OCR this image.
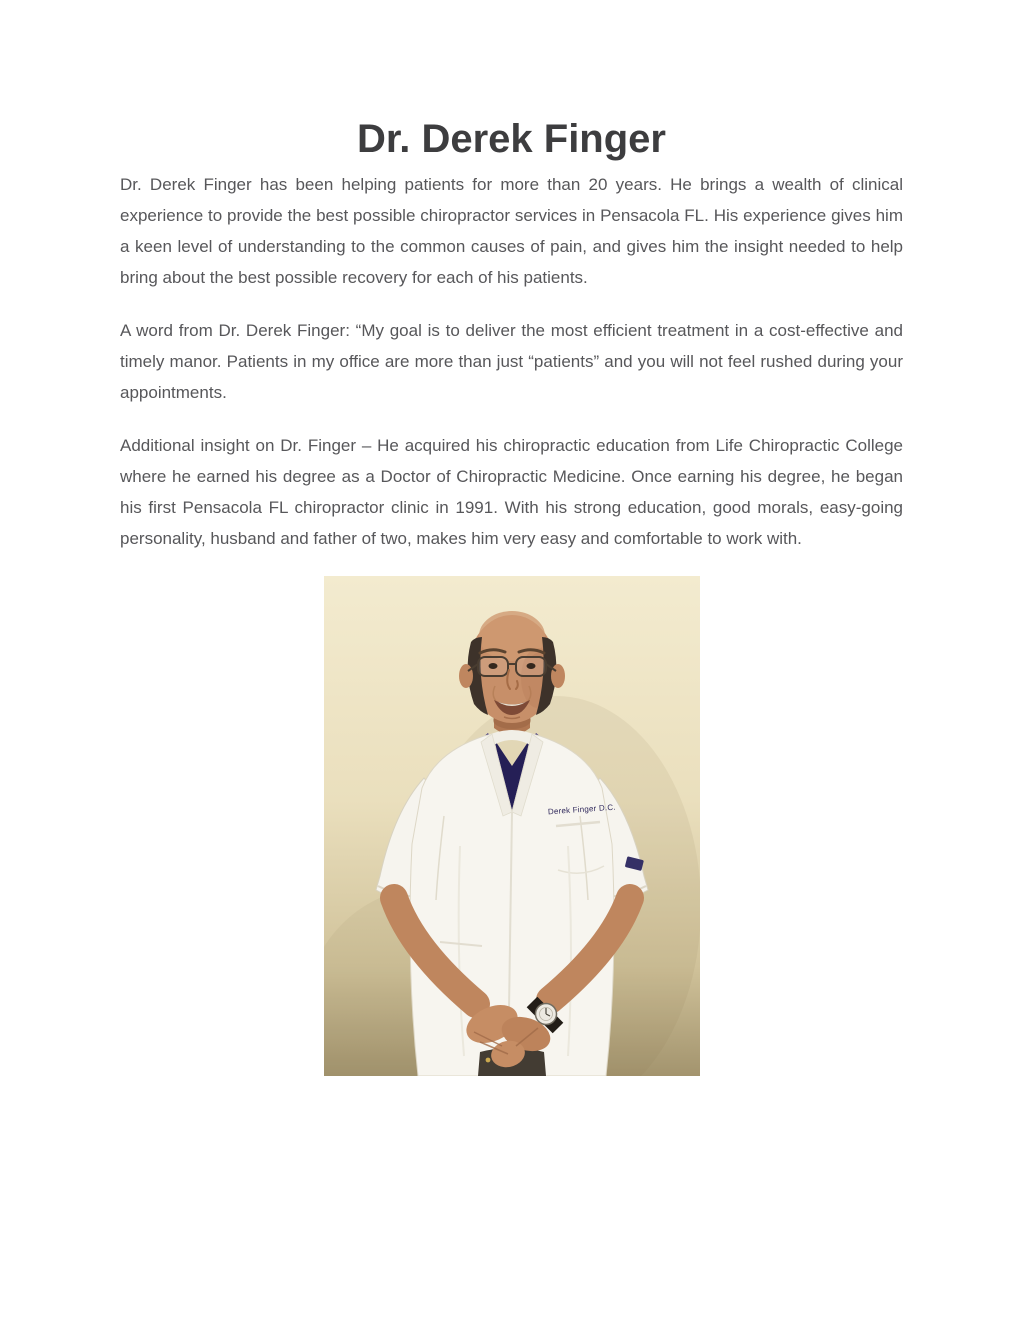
Dr. Derek Finger

Dr. Derek Finger has been helping patients for more than 20 years. He brings a wealth of clinical experience to provide the best possible chiropractor services in Pensacola FL. His experience gives him a keen level of understanding to the common causes of pain, and gives him the insight needed to help bring about the best possible recovery for each of his patients.

A word from Dr. Derek Finger: “My goal is to deliver the most efficient treatment in a cost-effective and timely manor. Patients in my office are more than just “patients” and you will not feel rushed during your appointments.

Additional insight on Dr. Finger – He acquired his chiropractic education from Life Chiropractic College where he earned his degree as a Doctor of Chiropractic Medicine. Once earning his degree, he began his first Pensacola FL chiropractor clinic in 1991. With his strong education, good morals, easy-going personality, husband and father of two, makes him very easy and comfortable to work with.

Derek Finger D.C.
